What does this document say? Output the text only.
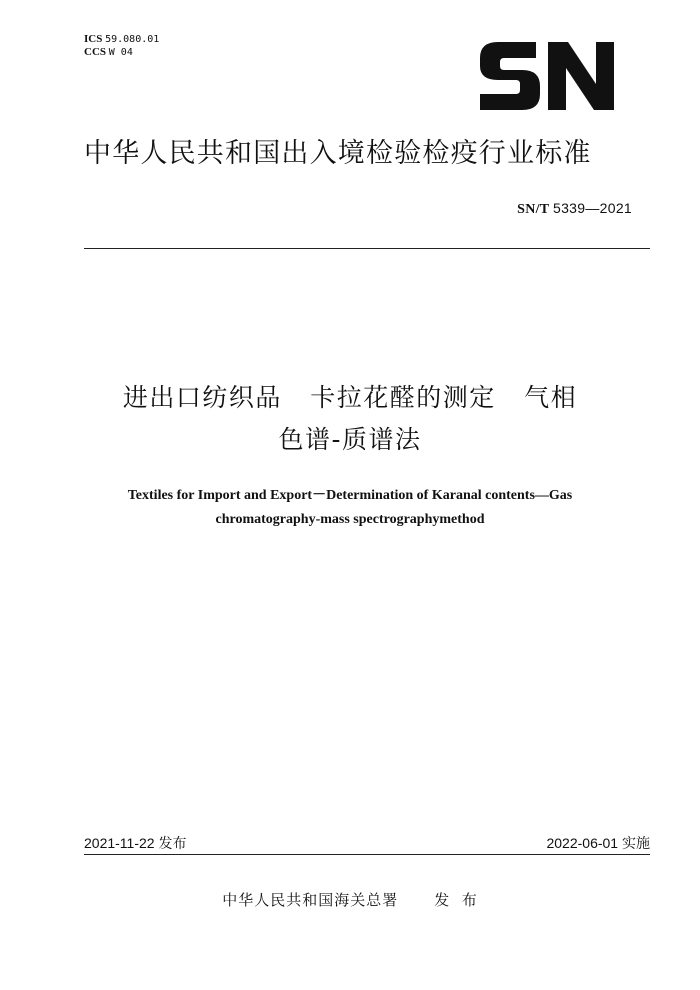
ICS 59.080.01
CCS W 04
中华人民共和国出入境检验检疫行业标准
SN/T 5339—2021
进出口纺织品   卡拉花醛的测定   气相
色谱-质谱法
Textiles for Import and Export－Determination of Karanal contents—Gas
chromatography-mass spectrographymethod
2021-11-22 发布	2022-06-01 实施
中华人民共和国海关总署 发  布
